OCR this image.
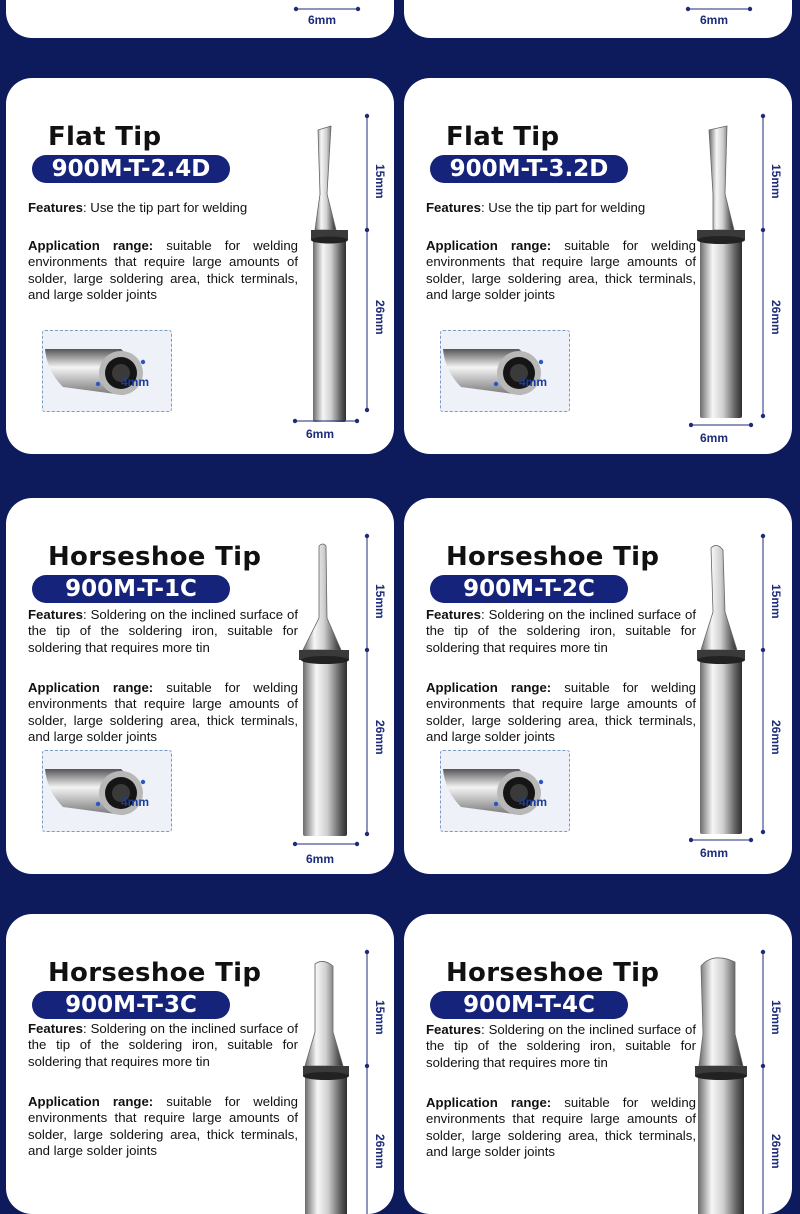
6mm	6mm
Flat Tip
900M-T-2.4D

Features: Use the tip part for welding

Application range: suitable for welding environments that require large amounts of solder, large soldering area, thick terminals, and large solder joints

4mm
15mm
26mm
6mm
Flat Tip
900M-T-3.2D

Features: Use the tip part for welding

Application range: suitable for welding environments that require large amounts of solder, large soldering area, thick terminals, and large solder joints

4mm
15mm
26mm
6mm
Horseshoe Tip
900M-T-1C

Features: Soldering on the inclined surface of the tip of the soldering iron, suitable for soldering that requires more tin

Application range: suitable for welding environments that require large amounts of solder, large soldering area, thick terminals, and large solder joints

4mm
15mm
26mm
6mm
Horseshoe Tip
900M-T-2C

Features: Soldering on the inclined surface of the tip of the soldering iron, suitable for soldering that requires more tin

Application range: suitable for welding environments that require large amounts of solder, large soldering area, thick terminals, and large solder joints

4mm
15mm
26mm
6mm
Horseshoe Tip
900M-T-3C

Features: Soldering on the inclined surface of the tip of the soldering iron, suitable for soldering that requires more tin

Application range: suitable for welding environments that require large amounts of solder, large soldering area, thick terminals, and large solder joints

15mm
26mm
Horseshoe Tip
900M-T-4C

Features: Soldering on the inclined surface of the tip of the soldering iron, suitable for soldering that requires more tin

Application range: suitable for welding environments that require large amounts of solder, large soldering area, thick terminals, and large solder joints

15mm
26mm
